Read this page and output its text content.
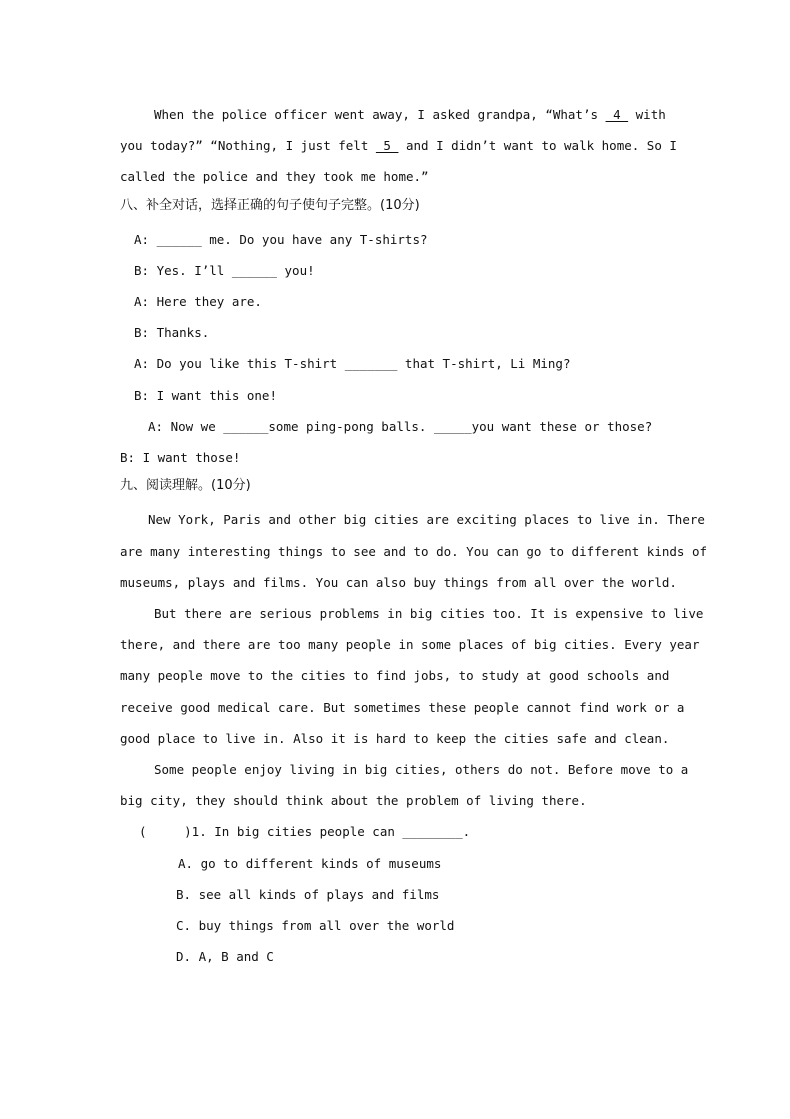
When the police officer went away, I asked grandpa, “What’s  4  with
you today?” “Nothing, I just felt  5  and I didn’t want to walk home. So I
called the police and they took me home.”
八、补全对话，选择正确的句子使句子完整。(10分)
A: ______ me. Do you have any T-shirts?
B: Yes. I’ll ______ you!
A: Here they are.
B: Thanks.
A: Do you like this T-shirt _______ that T-shirt, Li Ming?
B: I want this one!
A: Now we ______some ping-pong balls. _____you want these or those?
B: I want those!
九、阅读理解。(10分)
New York, Paris and other big cities are exciting places to live in. There
are many interesting things to see and to do. You can go to different kinds of
museums, plays and films. You can also buy things from all over the world.
But there are serious problems in big cities too. It is expensive to live
there, and there are too many people in some places of big cities. Every year
many people move to the cities to find jobs, to study at good schools and
receive good medical care. But sometimes these people cannot find work or a
good place to live in. Also it is hard to keep the cities safe and clean.
Some people enjoy living in big cities, others do not. Before move to a
big city, they should think about the problem of living there.
(     )1. In big cities people can ________.
A. go to different kinds of museums
B. see all kinds of plays and films
C. buy things from all over the world
D. A, B and C
